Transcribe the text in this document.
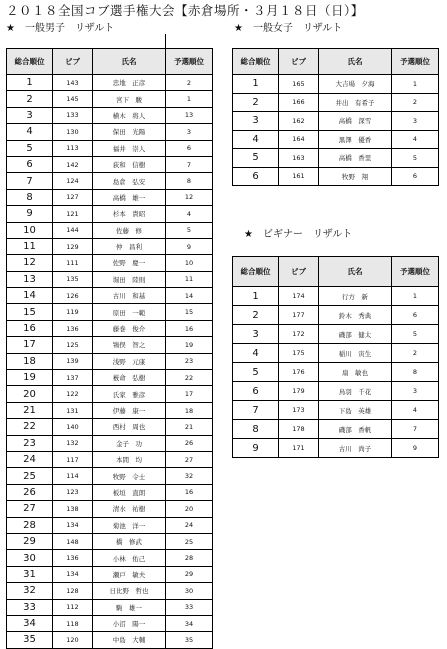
２０１８全国コブ選手権大会【赤倉場所・３月１８日（日）】
★　一般男子　リザルト	★　一般女子　リザルト
★　ビギナー　リザルト
総合順位	ビブ	氏名	予選順位
1	143	忠地　正彦	2
2	145	宮下　駿	1
3	133	横木　将人	13
4	130	保田　光陽	3
5	113	福井　崇人	6
6	142	荻和　信樹	7
7	124	島倉　弘安	8
8	127	高橋　雄一	12
9	121	杉本　貴昭	4
10	144	佐藤　修	5
11	129	仲　昌利	9
12	111	佐野　慶一	10
13	135	堀田　陸則	11
14	126	古川　和基	14
15	119	原田　一範	15
16	136	藤巻　俊介	16
17	125	鴇俣　智之	19
18	139	浅野　元康	23
19	137	薮命　弘樹	22
20	122	氏家　雅彦	17
21	131	伊藤　康一	18
22	140	西村　周也	21
23	132	金子　功	26
24	117	本間　均	27
25	114	牧野　令士	32
26	123	板垣　直朗	16
27	138	清水　祐樹	20
28	134	菊池　洋一	24
29	148	橋　修武	25
30	136	小林　佑己	28
31	134	瀬戸　敏夫	29
32	128	日比野　哲也	30
33	112	駒　雄一	33
34	118	小沼　陽一	34
35	120	中島　大輔	35
総合順位	ビブ	氏名	予選順位
1	165	大吉場　夕海	1
2	166	井出　有希子	2
3	162	高橋　深雪	3
4	164	黒澤　優香	4
5	163	高橋　香里	5
6	161	牧野　翔	6
総合順位	ビブ	氏名	予選順位
1	174	行方　新	1
2	177	鈴木　秀典	6
3	172	磯部　健太	5
4	175	稲川　寅生	2
5	176	扇　敏也	8
6	179	鳥羽　千花	3
7	173	下島　英雄	4
8	178	磯部　香帆	7
9	171	古川　尚子	9
